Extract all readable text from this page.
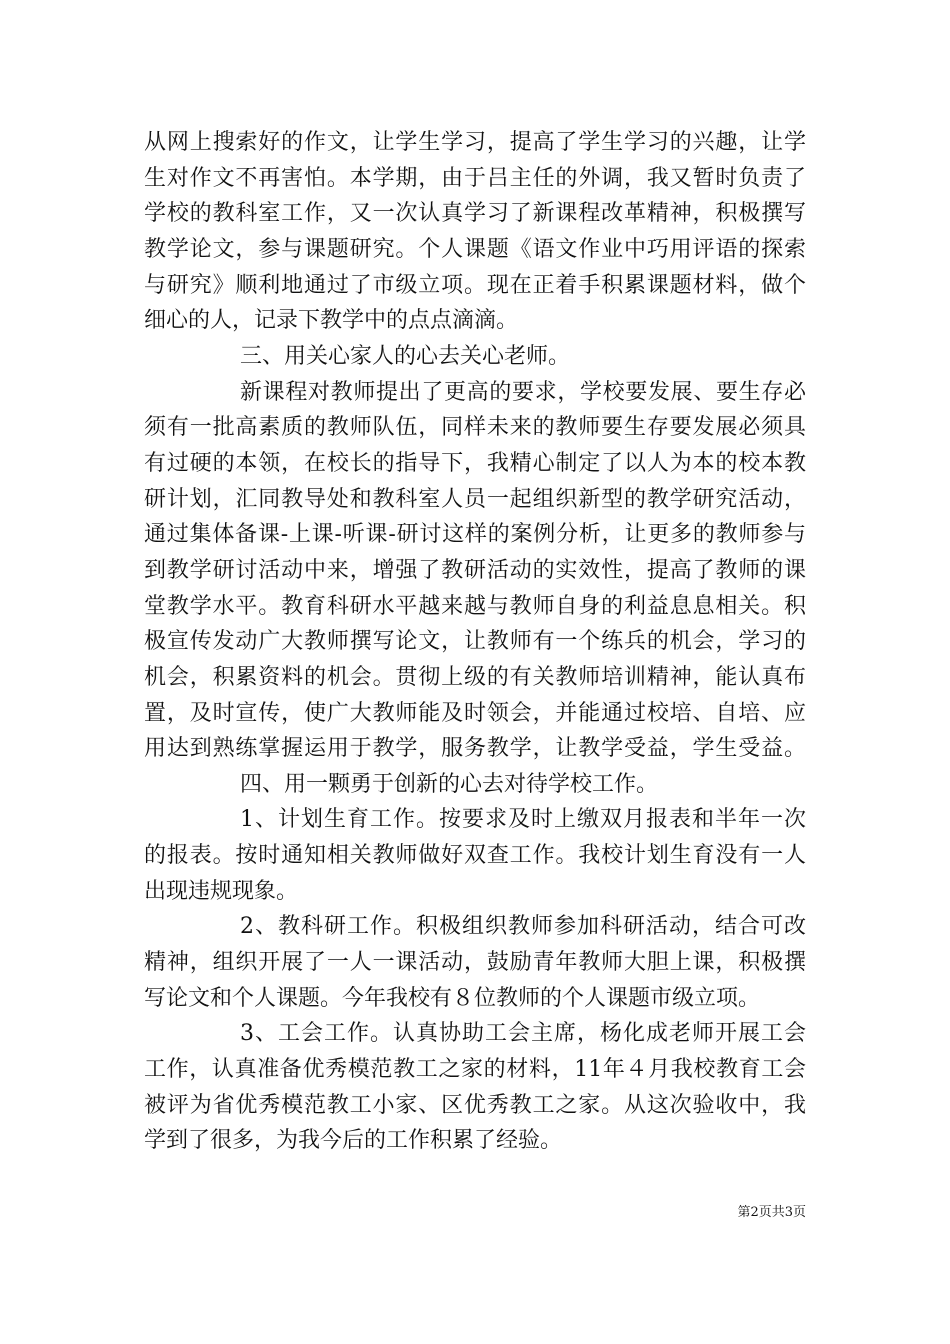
从网上搜索好的作文，让学生学习，提高了学生学习的兴趣，让学
生对作文不再害怕。本学期，由于吕主任的外调，我又暂时负责了
学校的教科室工作，又一次认真学习了新课程改革精神，积极撰写
教学论文，参与课题研究。个人课题《语文作业中巧用评语的探索
与研究》顺利地通过了市级立项。现在正着手积累课题材料，做个
细心的人，记录下教学中的点点滴滴。
三、用关心家人的心去关心老师。
新课程对教师提出了更高的要求，学校要发展、要生存必
须有一批高素质的教师队伍，同样未来的教师要生存要发展必须具
有过硬的本领，在校长的指导下，我精心制定了以人为本的校本教
研计划，汇同教导处和教科室人员一起组织新型的教学研究活动，
通过集体备课-上课-听课-研讨这样的案例分析，让更多的教师参与
到教学研讨活动中来，增强了教研活动的实效性，提高了教师的课
堂教学水平。教育科研水平越来越与教师自身的利益息息相关。积
极宣传发动广大教师撰写论文，让教师有一个练兵的机会，学习的
机会，积累资料的机会。贯彻上级的有关教师培训精神，能认真布
置，及时宣传，使广大教师能及时领会，并能通过校培、自培、应
用达到熟练掌握运用于教学，服务教学，让教学受益，学生受益。
四、用一颗勇于创新的心去对待学校工作。
1、计划生育工作。按要求及时上缴双月报表和半年一次
的报表。按时通知相关教师做好双查工作。我校计划生育没有一人
出现违规现象。
2、教科研工作。积极组织教师参加科研活动，结合可改
精神，组织开展了一人一课活动，鼓励青年教师大胆上课，积极撰
写论文和个人课题。今年我校有８位教师的个人课题市级立项。
3、工会工作。认真协助工会主席，杨化成老师开展工会
工作，认真准备优秀模范教工之家的材料，11年４月我校教育工会
被评为省优秀模范教工小家、区优秀教工之家。从这次验收中，我
学到了很多，为我今后的工作积累了经验。
第2页共3页
